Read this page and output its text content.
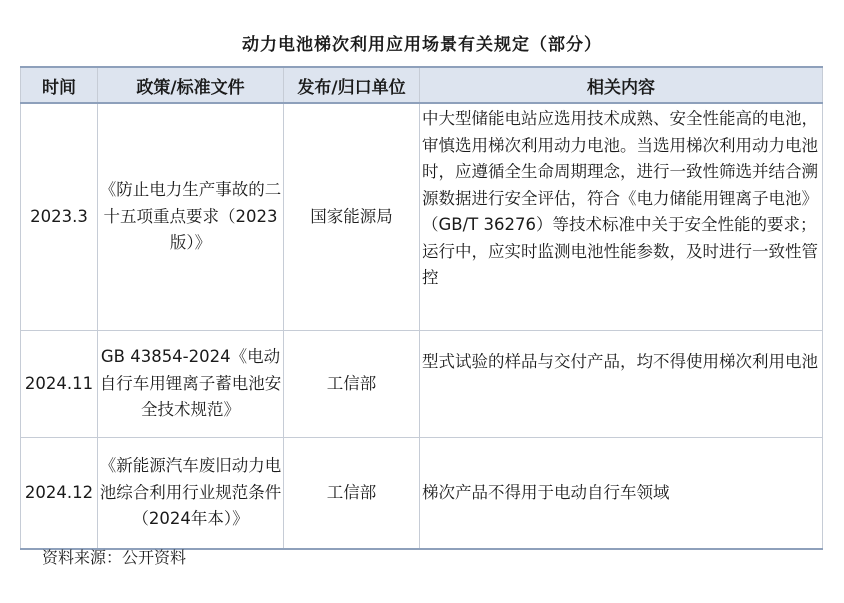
动力电池梯次利用应用场景有关规定（部分）
时间	政策/标准文件	发布/归口单位	相关内容
2023.3	《防止电力生产事故的二十五项重点要求（2023版）》	国家能源局	中大型储能电站应选用技术成熟、安全性能高的电池，审慎选用梯次利用动力电池。当选用梯次利用动力电池时，应遵循全生命周期理念，进行一致性筛选并结合溯源数据进行安全评估，符合《电力储能用锂离子电池》（GB/T 36276）等技术标准中关于安全性能的要求；运行中，应实时监测电池性能参数，及时进行一致性管控
2024.11	GB 43854-2024《电动自行车用锂离子蓄电池安全技术规范》	工信部	型式试验的样品与交付产品，均不得使用梯次利用电池
2024.12	《新能源汽车废旧动力电池综合利用行业规范条件（2024年本）》	工信部	梯次产品不得用于电动自行车领域
资料来源：公开资料
